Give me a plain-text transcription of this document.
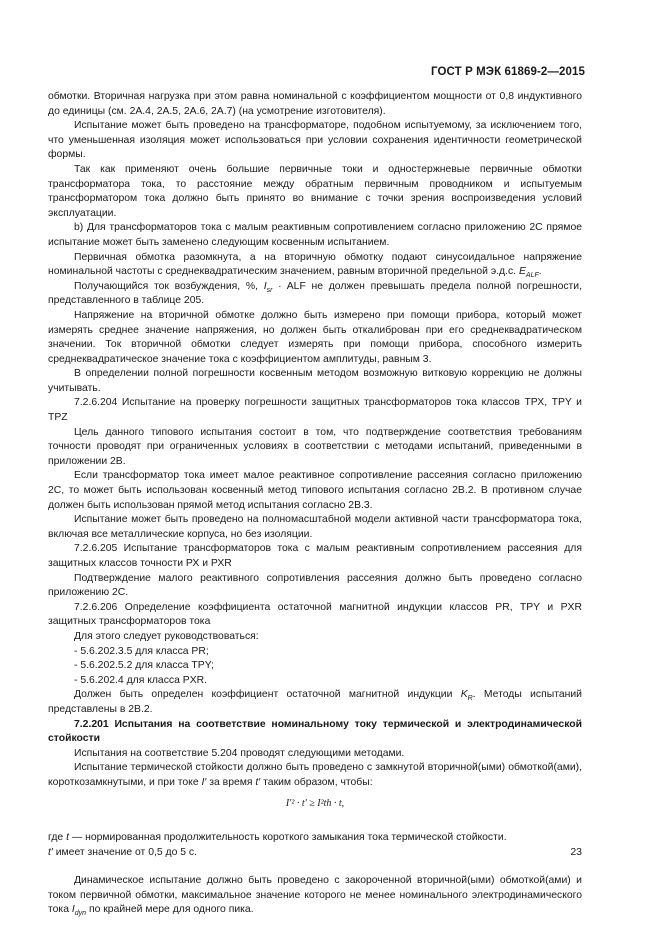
ГОСТ Р МЭК 61869-2—2015

обмотки. Вторичная нагрузка при этом равна номинальной с коэффициентом мощности от 0,8 индуктивного до единицы (см. 2А.4, 2А.5, 2А.6, 2А.7) (на усмотрение изготовителя).

Испытание может быть проведено на трансформаторе, подобном испытуемому, за исключением того, что уменьшенная изоляция может использоваться при условии сохранения идентичности геометрической формы.

Так как применяют очень большие первичные токи и одностержневые первичные обмотки трансформатора тока, то расстояние между обратным первичным проводником и испытуемым трансформатором тока должно быть принято во внимание с точки зрения воспроизведения условий эксплуатации.

b) Для трансформаторов тока с малым реактивным сопротивлением согласно приложению 2С прямое испытание может быть заменено следующим косвенным испытанием.

Первичная обмотка разомкнута, а на вторичную обмотку подают синусоидальное напряжение номинальной частоты с среднеквадратическим значением, равным вторичной предельной э.д.с. $E_{ALF}$.

Получающийся ток возбуждения, %, $I_{sr}$ · ALF не должен превышать предела полной погрешности, представленного в таблице 205.

Напряжение на вторичной обмотке должно быть измерено при помощи прибора, который может измерять среднее значение напряжения, но должен быть откалиброван при его среднеквадратическом значении. Ток вторичной обмотки следует измерять при помощи прибора, способного измерить среднеквадратическое значение тока с коэффициентом амплитуды, равным 3.

В определении полной погрешности косвенным методом возможную витковую коррекцию не должны учитывать.

7.2.6.204 Испытание на проверку погрешности защитных трансформаторов тока классов ТРХ, ТРY и ТРZ

Цель данного типового испытания состоит в том, что подтверждение соответствия требованиям точности проводят при ограниченных условиях в соответствии с методами испытаний, приведенными в приложении 2В.

Если трансформатор тока имеет малое реактивное сопротивление рассеяния согласно приложению 2С, то может быть использован косвенный метод типового испытания согласно 2В.2. В противном случае должен быть использован прямой метод испытания согласно 2В.3.

Испытание может быть проведено на полномасштабной модели активной части трансформатора тока, включая все металлические корпуса, но без изоляции.

7.2.6.205 Испытание трансформаторов тока с малым реактивным сопротивлением рассеяния для защитных классов точности РХ и РХR

Подтверждение малого реактивного сопротивления рассеяния должно быть проведено согласно приложению 2С.

7.2.6.206 Определение коэффициента остаточной магнитной индукции классов PR, TPY и PXR защитных трансформаторов тока

Для этого следует руководствоваться:

- 5.6.202.3.5 для класса PR;

- 5.6.202.5.2 для класса TPY;

- 5.6.202.4 для класса PXR.

Должен быть определен коэффициент остаточной магнитной индукции $K_R$. Методы испытаний представлены в 2В.2.

7.2.201 Испытания на соответствие номинальному току термической и электродинамической стойкости

Испытания на соответствие 5.204 проводят следующими методами.

Испытание термической стойкости должно быть проведено с замкнутой вторичной(ыми) обмоткой(ами), короткозамкнутыми, и при токе I′ за время t′ таким образом, чтобы:

I′² · t′ ≥ I²th · t,

где t — нормированная продолжительность короткого замыкания тока термической стойкости.

t′ имеет значение от 0,5 до 5 с.

Динамическое испытание должно быть проведено с закороченной вторичной(ыми) обмоткой(ами) и током первичной обмотки, максимальное значение которого не менее номинального электродинамического тока $I_{dyn}$ по крайней мере для одного пика.

23
